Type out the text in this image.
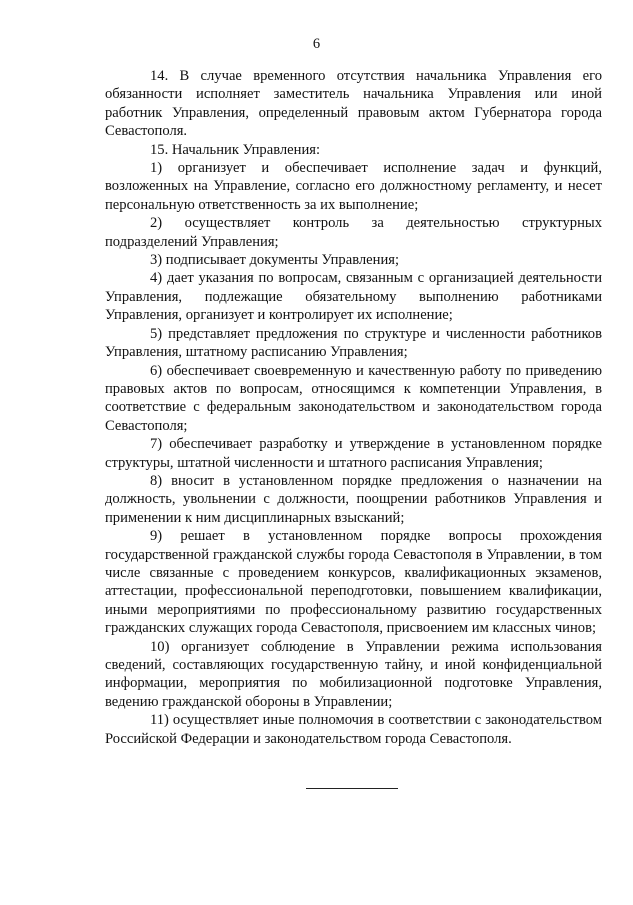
6

14. В случае временного отсутствия начальника Управления его обязанности исполняет заместитель начальника Управления или иной работник Управления, определенный правовым актом Губернатора города Севастополя.

15. Начальник Управления:

1) организует и обеспечивает исполнение задач и функций, возложенных на Управление, согласно его должностному регламенту, и несет персональную ответственность за их выполнение;

2) осуществляет контроль за деятельностью структурных подразделений Управления;

3) подписывает документы Управления;

4) дает указания по вопросам, связанным с организацией деятельности Управления, подлежащие обязательному выполнению работниками Управления, организует и контролирует их исполнение;

5) представляет предложения по структуре и численности работников Управления, штатному расписанию Управления;

6) обеспечивает своевременную и качественную работу по приведению правовых актов по вопросам, относящимся к компетенции Управления, в соответствие с федеральным законодательством и законодательством города Севастополя;

7) обеспечивает разработку и утверждение в установленном порядке структуры, штатной численности и штатного расписания Управления;

8) вносит в установленном порядке предложения о назначении на должность, увольнении с должности, поощрении работников Управления и применении к ним дисциплинарных взысканий;

9) решает в установленном порядке вопросы прохождения государственной гражданской службы города Севастополя в Управлении, в том числе связанные с проведением конкурсов, квалификационных экзаменов, аттестации, профессиональной переподготовки, повышением квалификации, иными мероприятиями по профессиональному развитию государственных гражданских служащих города Севастополя, присвоением им классных чинов;

10) организует соблюдение в Управлении режима использования сведений, составляющих государственную тайну, и иной конфиденциальной информации, мероприятия по мобилизационной подготовке Управления, ведению гражданской обороны в Управлении;

11) осуществляет иные полномочия в соответствии с законодательством Российской Федерации и законодательством города Севастополя.
